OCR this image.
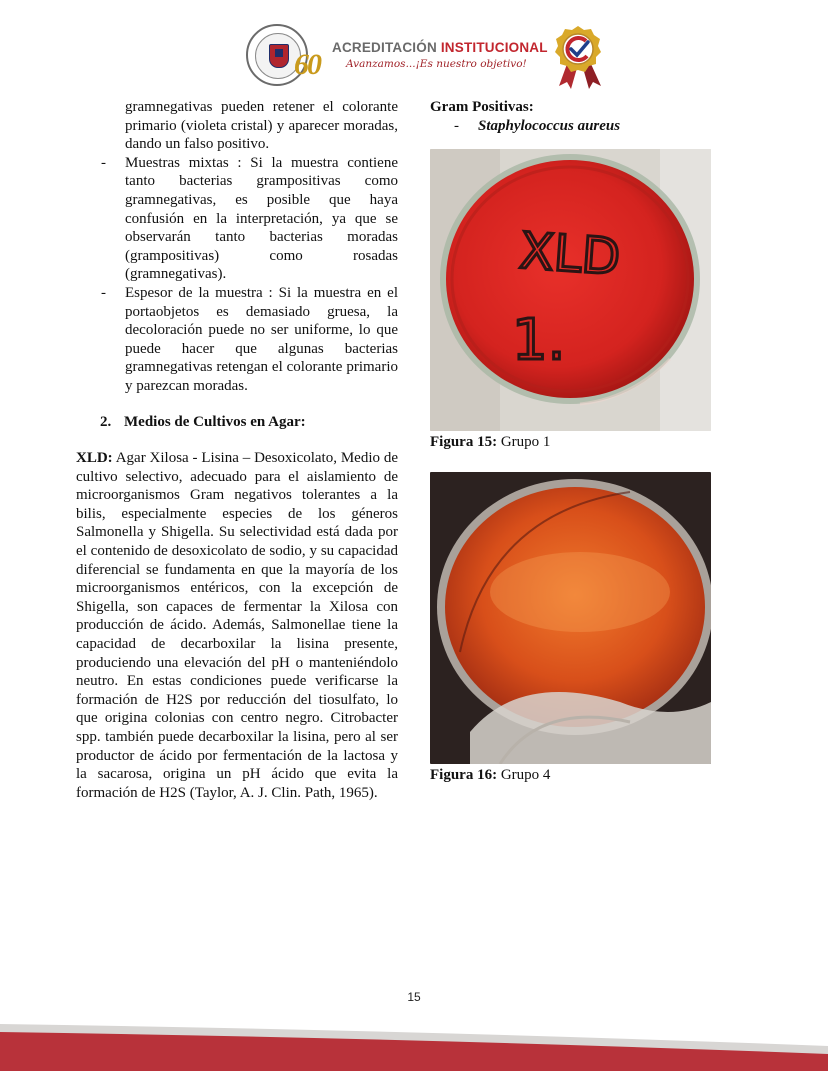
60
ACREDITACIÓN INSTITUCIONAL
Avanzamos...¡Es nuestro objetivo!
gramnegativas pueden retener el colorante primario (violeta cristal) y aparecer moradas, dando un falso positivo.
- Muestras mixtas : Si la muestra contiene tanto bacterias grampositivas como gramnegativas, es posible que haya confusión en la interpretación, ya que se observarán tanto bacterias moradas (grampositivas) como rosadas (gramnegativas).
- Espesor de la muestra : Si la muestra en el portaobjetos es demasiado gruesa, la decoloración puede no ser uniforme, lo que puede hacer que algunas bacterias gramnegativas retengan el colorante primario y parezcan moradas.
2. Medios de Cultivos en Agar:
XLD: Agar Xilosa - Lisina – Desoxicolato, Medio de cultivo selectivo, adecuado para el aislamiento de microorganismos Gram negativos tolerantes a la bilis, especialmente especies de los géneros Salmonella y Shigella. Su selectividad está dada por el contenido de desoxicolato de sodio, y su capacidad diferencial se fundamenta en que la mayoría de los microorganismos entéricos, con la excepción de Shigella, son capaces de fermentar la Xilosa con producción de ácido. Además, Salmonellae tiene la capacidad de decarboxilar la lisina presente, produciendo una elevación del pH o manteniéndolo neutro. En estas condiciones puede verificarse la formación de H2S por reducción del tiosulfato, lo que origina colonias con centro negro. Citrobacter spp. también puede decarboxilar la lisina, pero al ser productor de ácido por fermentación de la lactosa y la sacarosa, origina un pH ácido que evita la formación de H2S (Taylor, A. J. Clin. Path, 1965).
Gram Positivas:
- Staphylococcus aureus
XLD
1.
Figura 15: Grupo 1
Figura 16: Grupo 4
15
